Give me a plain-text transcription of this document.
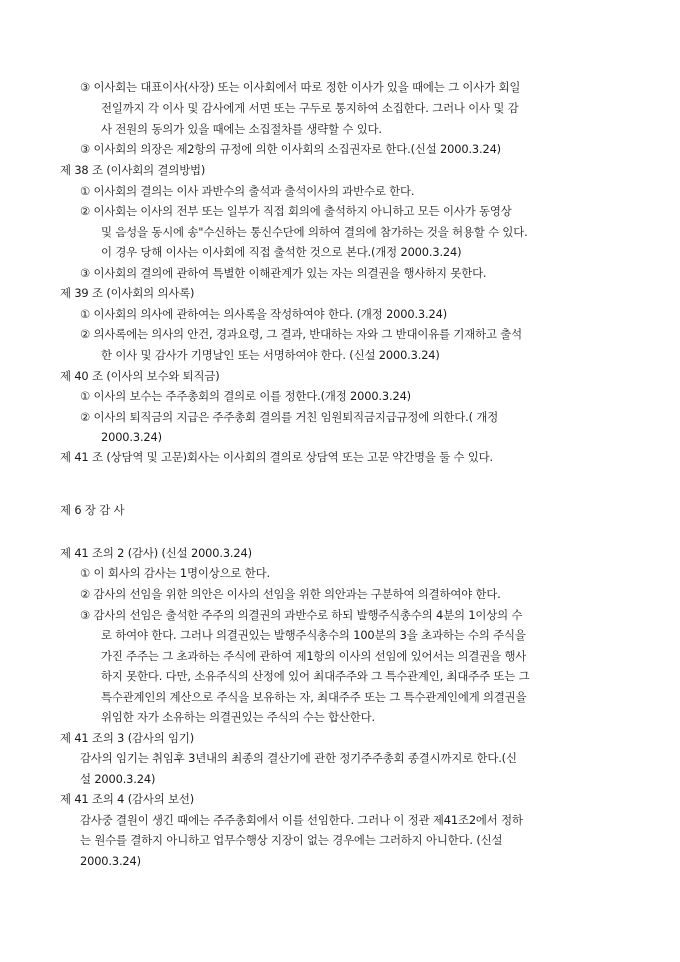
③ 이사회는 대표이사(사장) 또는 이사회에서 따로 정한 이사가 있을 때에는 그 이사가 회일
전일까지 각 이사 및 감사에게 서면 또는 구두로 통지하여 소집한다. 그러나 이사 및 감
사 전원의 동의가 있을 때에는 소집절차를 생략할 수 있다.
③ 이사회의 의장은 제2항의 규정에 의한 이사회의 소집권자로 한다.(신설 2000.3.24)
제 38 조 (이사회의 결의방법)
① 이사회의 결의는 이사 과반수의 출석과 출석이사의 과반수로 한다.
② 이사회는 이사의 전부 또는 일부가 직접 회의에 출석하지 아니하고 모든 이사가 동영상
및 음성을 동시에 송"수신하는 통신수단에 의하여 결의에 참가하는 것을 허용할 수 있다.
이 경우 당해 이사는 이사회에 직접 출석한 것으로 본다.(개정 2000.3.24)
③ 이사회의 결의에 관하여 특별한 이해관계가 있는 자는 의결권을 행사하지 못한다.
제 39 조 (이사회의 의사록)
① 이사회의 의사에 관하여는 의사록을 작성하여야 한다. (개정 2000.3.24)
② 의사록에는 의사의 안건, 경과요령, 그 결과, 반대하는 자와 그 반대이유를 기재하고 출석
한 이사 및 감사가 기명날인 또는 서명하여야 한다. (신설 2000.3.24)
제 40 조 (이사의 보수와 퇴직금)
① 이사의 보수는 주주총회의 결의로 이를 정한다.(개정 2000.3.24)
② 이사의 퇴직금의 지급은 주주총회 결의를 거친 임원퇴직금지급규정에 의한다.( 개정
2000.3.24)
제 41 조 (상담역 및 고문)회사는 이사회의 결의로 상담역 또는 고문 약간명을 둘 수 있다.
제 6 장 감 사
제 41 조의 2 (감사) (신설 2000.3.24)
① 이 회사의 감사는 1명이상으로 한다.
② 감사의 선임을 위한 의안은 이사의 선임을 위한 의안과는 구분하여 의결하여야 한다.
③ 감사의 선임은 출석한 주주의 의결권의 과반수로 하되 발행주식총수의 4분의 1이상의 수
로 하여야 한다. 그러나 의결권있는 발행주식총수의 100분의 3을 초과하는 수의 주식을
가진 주주는 그 초과하는 주식에 관하여 제1항의 이사의 선임에 있어서는 의결권을 행사
하지 못한다. 다만, 소유주식의 산정에 있어 최대주주와 그 특수관계인, 최대주주 또는 그
특수관계인의 계산으로 주식을 보유하는 자, 최대주주 또는 그 특수관계인에게 의결권을
위임한 자가 소유하는 의결권있는 주식의 수는 합산한다.
제 41 조의 3 (감사의 임기)
감사의 임기는 취임후 3년내의 최종의 결산기에 관한 정기주주총회 종결시까지로 한다.(신
설 2000.3.24)
제 41 조의 4 (감사의 보선)
감사중 결원이 생긴 때에는 주주총회에서 이를 선임한다. 그러나 이 정관 제41조2에서 정하
는 원수를 결하지 아니하고 업무수행상 지장이 없는 경우에는 그러하지 아니한다. (신설
2000.3.24)
